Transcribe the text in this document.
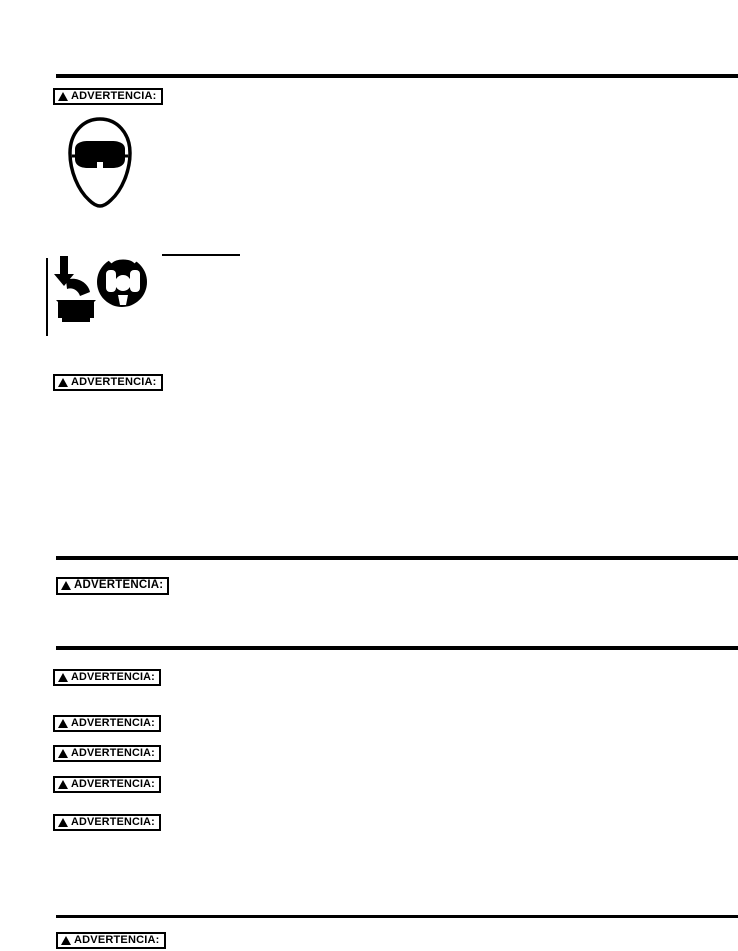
ADVERTENCIA:
ADVERTENCIA:
ADVERTENCIA:
ADVERTENCIA:
ADVERTENCIA:
ADVERTENCIA:
ADVERTENCIA:
ADVERTENCIA:
ADVERTENCIA:
